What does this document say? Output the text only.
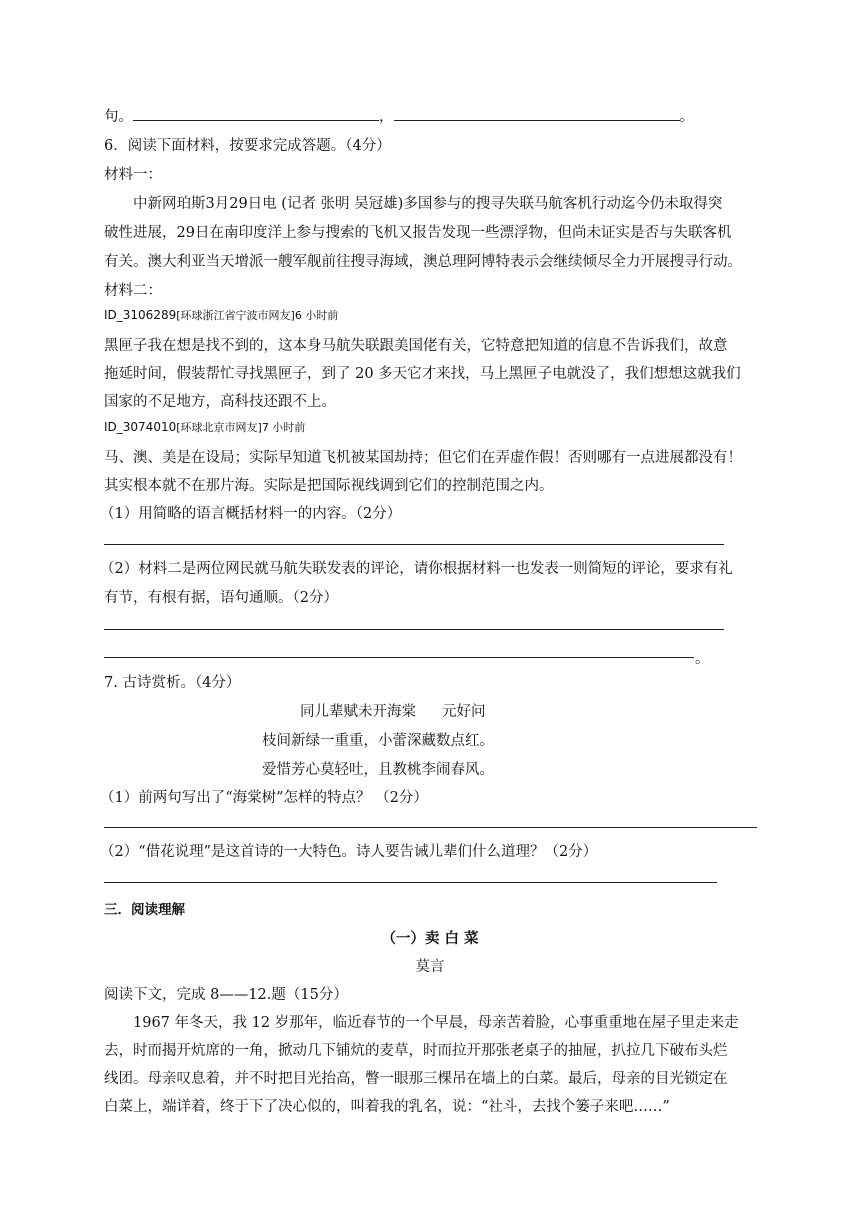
句。	，	。
6．阅读下面材料，按要求完成答题。（4分）
材料一：
中新网珀斯3月29日电 (记者 张明 吴冠雄)多国参与的搜寻失联马航客机行动迄今仍未取得突
破性进展，29日在南印度洋上参与搜索的飞机又报告发现一些漂浮物，但尚未证实是否与失联客机
有关。澳大利亚当天增派一艘军舰前往搜寻海域，澳总理阿博特表示会继续倾尽全力开展搜寻行动。
材料二：
ID_3106289[环球浙江省宁波市网友]6 小时前
黑匣子我在想是找不到的，这本身马航失联跟美国佬有关，它特意把知道的信息不告诉我们，故意
拖延时间，假装帮忙寻找黑匣子，到了 20 多天它才来找，马上黑匣子电就没了，我们想想这就我们
国家的不足地方，高科技还跟不上。
ID_3074010[环球北京市网友]7 小时前
马、澳、美是在设局；实际早知道飞机被某国劫持；但它们在弄虚作假！否则哪有一点进展都没有！
其实根本就不在那片海。实际是把国际视线调到它们的控制范围之内。
（1）用简略的语言概括材料一的内容。（2分）
（2）材料二是两位网民就马航失联发表的评论，请你根据材料一也发表一则简短的评论，要求有礼
有节，有根有据，语句通顺。（2分）
。
7. 古诗赏析。（4分）
同儿辈赋未开海棠 元好问
枝间新绿一重重，小蕾深藏数点红。
爱惜芳心莫轻吐，且教桃李闹春风。
（1）前两句写出了“海棠树”怎样的特点？ （2分）
（2）“借花说理”是这首诗的一大特色。诗人要告诫儿辈们什么道理？（2分）
三．阅读理解
（一）卖 白 菜
莫言
阅读下文，完成 8——12.题（15分）
1967 年冬天，我 12 岁那年，临近春节的一个早晨，母亲苦着脸，心事重重地在屋子里走来走
去，时而揭开炕席的一角，掀动几下铺炕的麦草，时而拉开那张老桌子的抽屉，扒拉几下破布头烂
线团。母亲叹息着，并不时把目光抬高，瞥一眼那三棵吊在墙上的白菜。最后，母亲的目光锁定在
白菜上，端详着，终于下了决心似的，叫着我的乳名，说：“社斗，去找个篓子来吧……”
